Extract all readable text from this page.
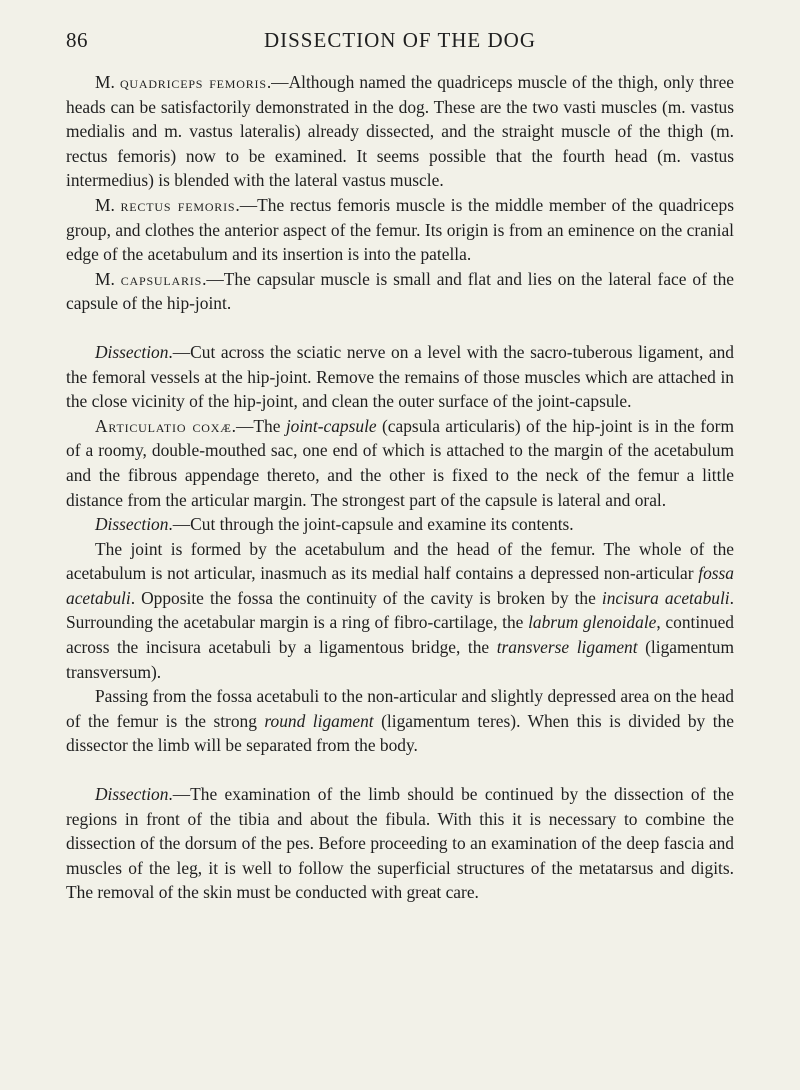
86	DISSECTION OF THE DOG

M. quadriceps femoris.—Although named the quadriceps muscle of the thigh, only three heads can be satisfactorily demonstrated in the dog. These are the two vasti muscles (m. vastus medialis and m. vastus lateralis) already dissected, and the straight muscle of the thigh (m. rectus femoris) now to be examined. It seems possible that the fourth head (m. vastus intermedius) is blended with the lateral vastus muscle.

M. rectus femoris.—The rectus femoris muscle is the middle member of the quadriceps group, and clothes the anterior aspect of the femur. Its origin is from an eminence on the cranial edge of the acetabulum and its insertion is into the patella.

M. capsularis.—The capsular muscle is small and flat and lies on the lateral face of the capsule of the hip-joint.

Dissection.—Cut across the sciatic nerve on a level with the sacro-tuberous ligament, and the femoral vessels at the hip-joint. Remove the remains of those muscles which are attached in the close vicinity of the hip-joint, and clean the outer surface of the joint-capsule.

Articulatio coxæ.—The joint-capsule (capsula articularis) of the hip-joint is in the form of a roomy, double-mouthed sac, one end of which is attached to the margin of the acetabulum and the fibrous appendage thereto, and the other is fixed to the neck of the femur a little distance from the articular margin. The strongest part of the capsule is lateral and oral.

Dissection.—Cut through the joint-capsule and examine its contents.

The joint is formed by the acetabulum and the head of the femur. The whole of the acetabulum is not articular, inasmuch as its medial half contains a depressed non-articular fossa acetabuli. Opposite the fossa the continuity of the cavity is broken by the incisura acetabuli. Surrounding the acetabular margin is a ring of fibro-cartilage, the labrum glenoidale, continued across the incisura acetabuli by a ligamentous bridge, the transverse ligament (ligamentum transversum).

Passing from the fossa acetabuli to the non-articular and slightly depressed area on the head of the femur is the strong round ligament (ligamentum teres). When this is divided by the dissector the limb will be separated from the body.

Dissection.—The examination of the limb should be continued by the dissection of the regions in front of the tibia and about the fibula. With this it is necessary to combine the dissection of the dorsum of the pes. Before proceeding to an examination of the deep fascia and muscles of the leg, it is well to follow the superficial structures of the metatarsus and digits. The removal of the skin must be conducted with great care.
